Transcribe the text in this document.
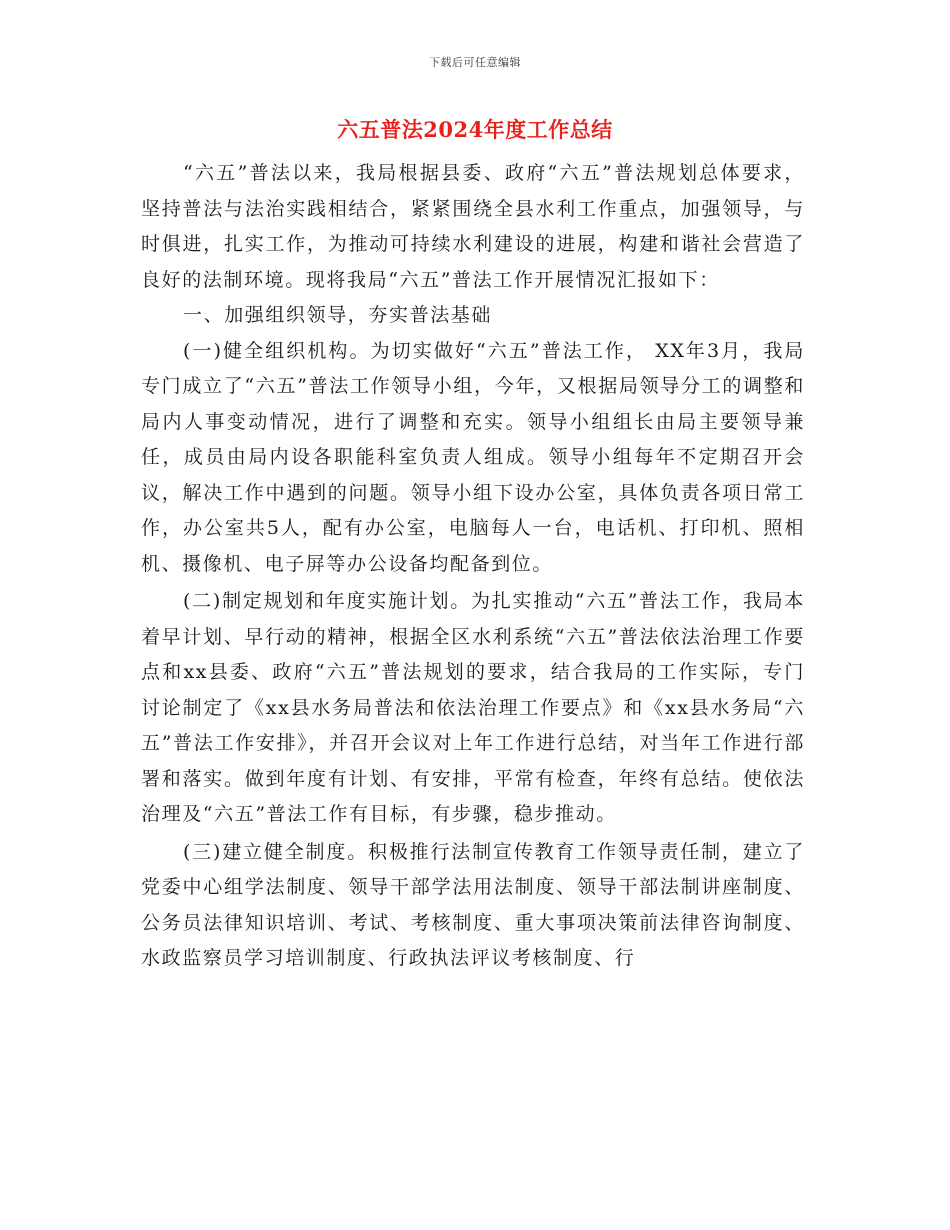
下载后可任意编辑
六五普法2024年度工作总结

“六五”普法以来，我局根据县委、政府“六五”普法规划总体要求，坚持普法与法治实践相结合，紧紧围绕全县水利工作重点，加强领导，与时俱进，扎实工作，为推动可持续水利建设的进展，构建和谐社会营造了良好的法制环境。现将我局“六五”普法工作开展情况汇报如下：

一、加强组织领导，夯实普法基础

(一)健全组织机构。为切实做好“六五”普法工作， XX年3月，我局专门成立了“六五”普法工作领导小组，今年，又根据局领导分工的调整和局内人事变动情况，进行了调整和充实。领导小组组长由局主要领导兼任，成员由局内设各职能科室负责人组成。领导小组每年不定期召开会议，解决工作中遇到的问题。领导小组下设办公室，具体负责各项日常工作，办公室共5人，配有办公室，电脑每人一台，电话机、打印机、照相机、摄像机、电子屏等办公设备均配备到位。

(二)制定规划和年度实施计划。为扎实推动“六五”普法工作，我局本着早计划、早行动的精神，根据全区水利系统“六五”普法依法治理工作要点和xx县委、政府“六五”普法规划的要求，结合我局的工作实际，专门讨论制定了《xx县水务局普法和依法治理工作要点》和《xx县水务局“六五”普法工作安排》，并召开会议对上年工作进行总结，对当年工作进行部署和落实。做到年度有计划、有安排，平常有检查，年终有总结。使依法治理及“六五”普法工作有目标，有步骤，稳步推动。

(三)建立健全制度。积极推行法制宣传教育工作领导责任制，建立了党委中心组学法制度、领导干部学法用法制度、领导干部法制讲座制度、公务员法律知识培训、考试、考核制度、重大事项决策前法律咨询制度、水政监察员学习培训制度、行政执法评议考核制度、行
